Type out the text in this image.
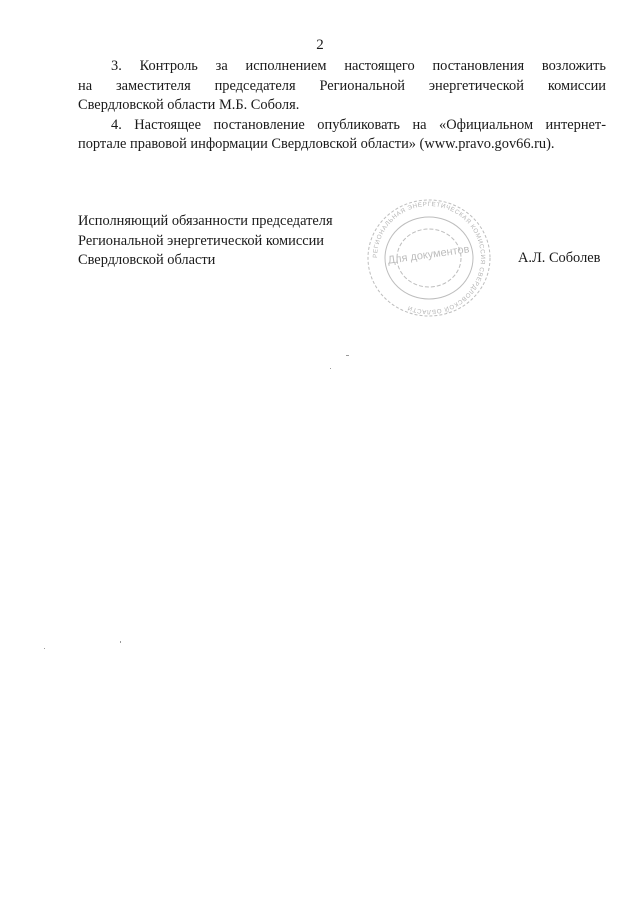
2

3. Контроль за исполнением настоящего постановления возложить
на заместителя председателя Региональной энергетической комиссии
Свердловской области М.Б. Соболя.

4. Настоящее постановление опубликовать на «Официальном интернет-
портале правовой информации Свердловской области» (www.pravo.gov66.ru).

Исполняющий обязанности председателя
Региональной энергетической комиссии
Свердловской области	РЕГИОНАЛЬНАЯ ЭНЕРГЕТИЧЕСКАЯ КОМИССИЯ СВЕРДЛОВСКОЙ ОБЛАСТИ
Для документов	А.Л. Соболев
